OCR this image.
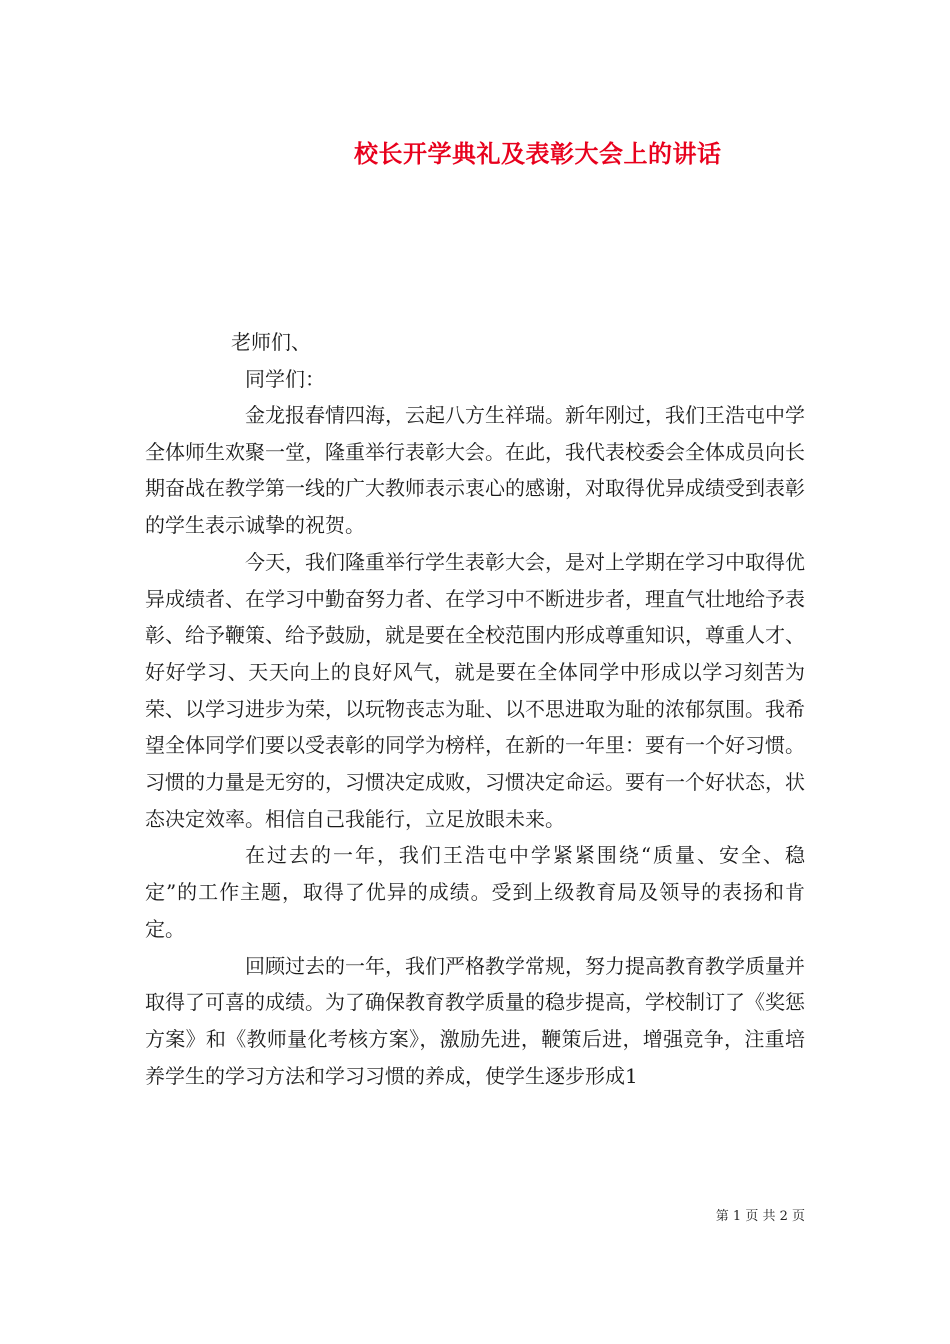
校长开学典礼及表彰大会上的讲话

老师们、

同学们：

金龙报春情四海，云起八方生祥瑞。新年刚过，我们王浩屯中学全体师生欢聚一堂，隆重举行表彰大会。在此，我代表校委会全体成员向长期奋战在教学第一线的广大教师表示衷心的感谢，对取得优异成绩受到表彰的学生表示诚挚的祝贺。

今天，我们隆重举行学生表彰大会，是对上学期在学习中取得优异成绩者、在学习中勤奋努力者、在学习中不断进步者，理直气壮地给予表彰、给予鞭策、给予鼓励，就是要在全校范围内形成尊重知识，尊重人才、好好学习、天天向上的良好风气，就是要在全体同学中形成以学习刻苦为荣、以学习进步为荣，以玩物丧志为耻、以不思进取为耻的浓郁氛围。我希望全体同学们要以受表彰的同学为榜样，在新的一年里：要有一个好习惯。习惯的力量是无穷的，习惯决定成败，习惯决定命运。要有一个好状态，状态决定效率。相信自己我能行，立足放眼未来。

在过去的一年，我们王浩屯中学紧紧围绕“质量、安全、稳定”的工作主题，取得了优异的成绩。受到上级教育局及领导的表扬和肯定。

回顾过去的一年，我们严格教学常规，努力提高教育教学质量并取得了可喜的成绩。为了确保教育教学质量的稳步提高，学校制订了《奖惩方案》和《教师量化考核方案》，激励先进，鞭策后进，增强竞争，注重培养学生的学习方法和学习习惯的养成，使学生逐步形成1

第 1 页 共 2 页
